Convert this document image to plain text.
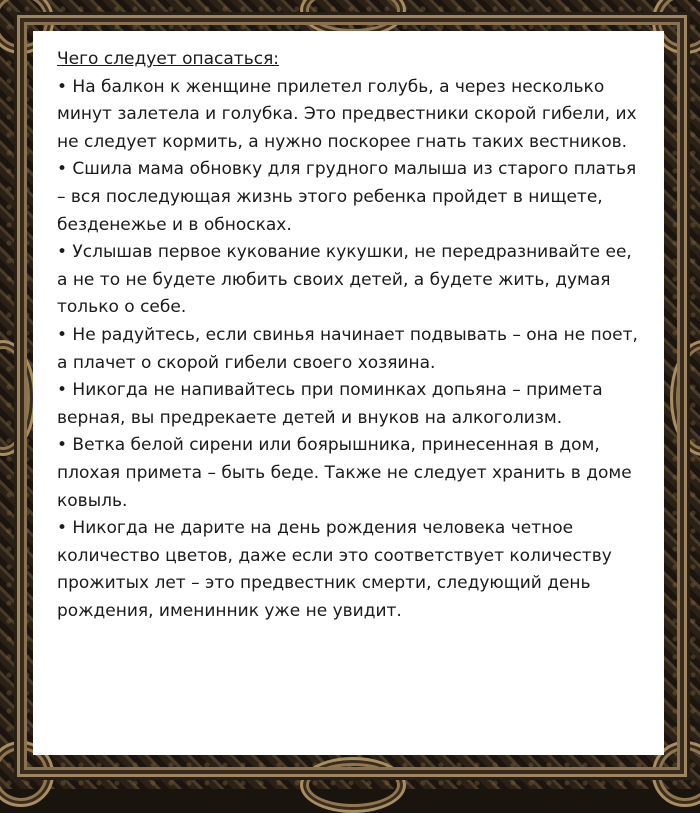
Чего следует опасаться:
• На балкон к женщине прилетел голубь, а через несколько минут залетела и голубка. Это предвестники скорой гибели, их не следует кормить, а нужно поскорее гнать таких вестников.
• Сшила мама обновку для грудного малыша из старого платья – вся последующая жизнь этого ребенка пройдет в нищете, безденежье и в обносках.
• Услышав первое кукование кукушки, не передразнивайте ее, а не то не будете любить своих детей, а будете жить, думая только о себе.
• Не радуйтесь, если свинья начинает подвывать – она не поет, а плачет о скорой гибели своего хозяина.
• Никогда не напивайтесь при поминках допьяна – примета верная, вы предрекаете детей и внуков на алкоголизм.
• Ветка белой сирени или боярышника, принесенная в дом, плохая примета – быть беде. Также не следует хранить в доме ковыль.
• Никогда не дарите на день рождения человека четное количество цветов, даже если это соответствует количеству прожитых лет – это предвестник смерти, следующий день рождения, именинник уже не увидит.
